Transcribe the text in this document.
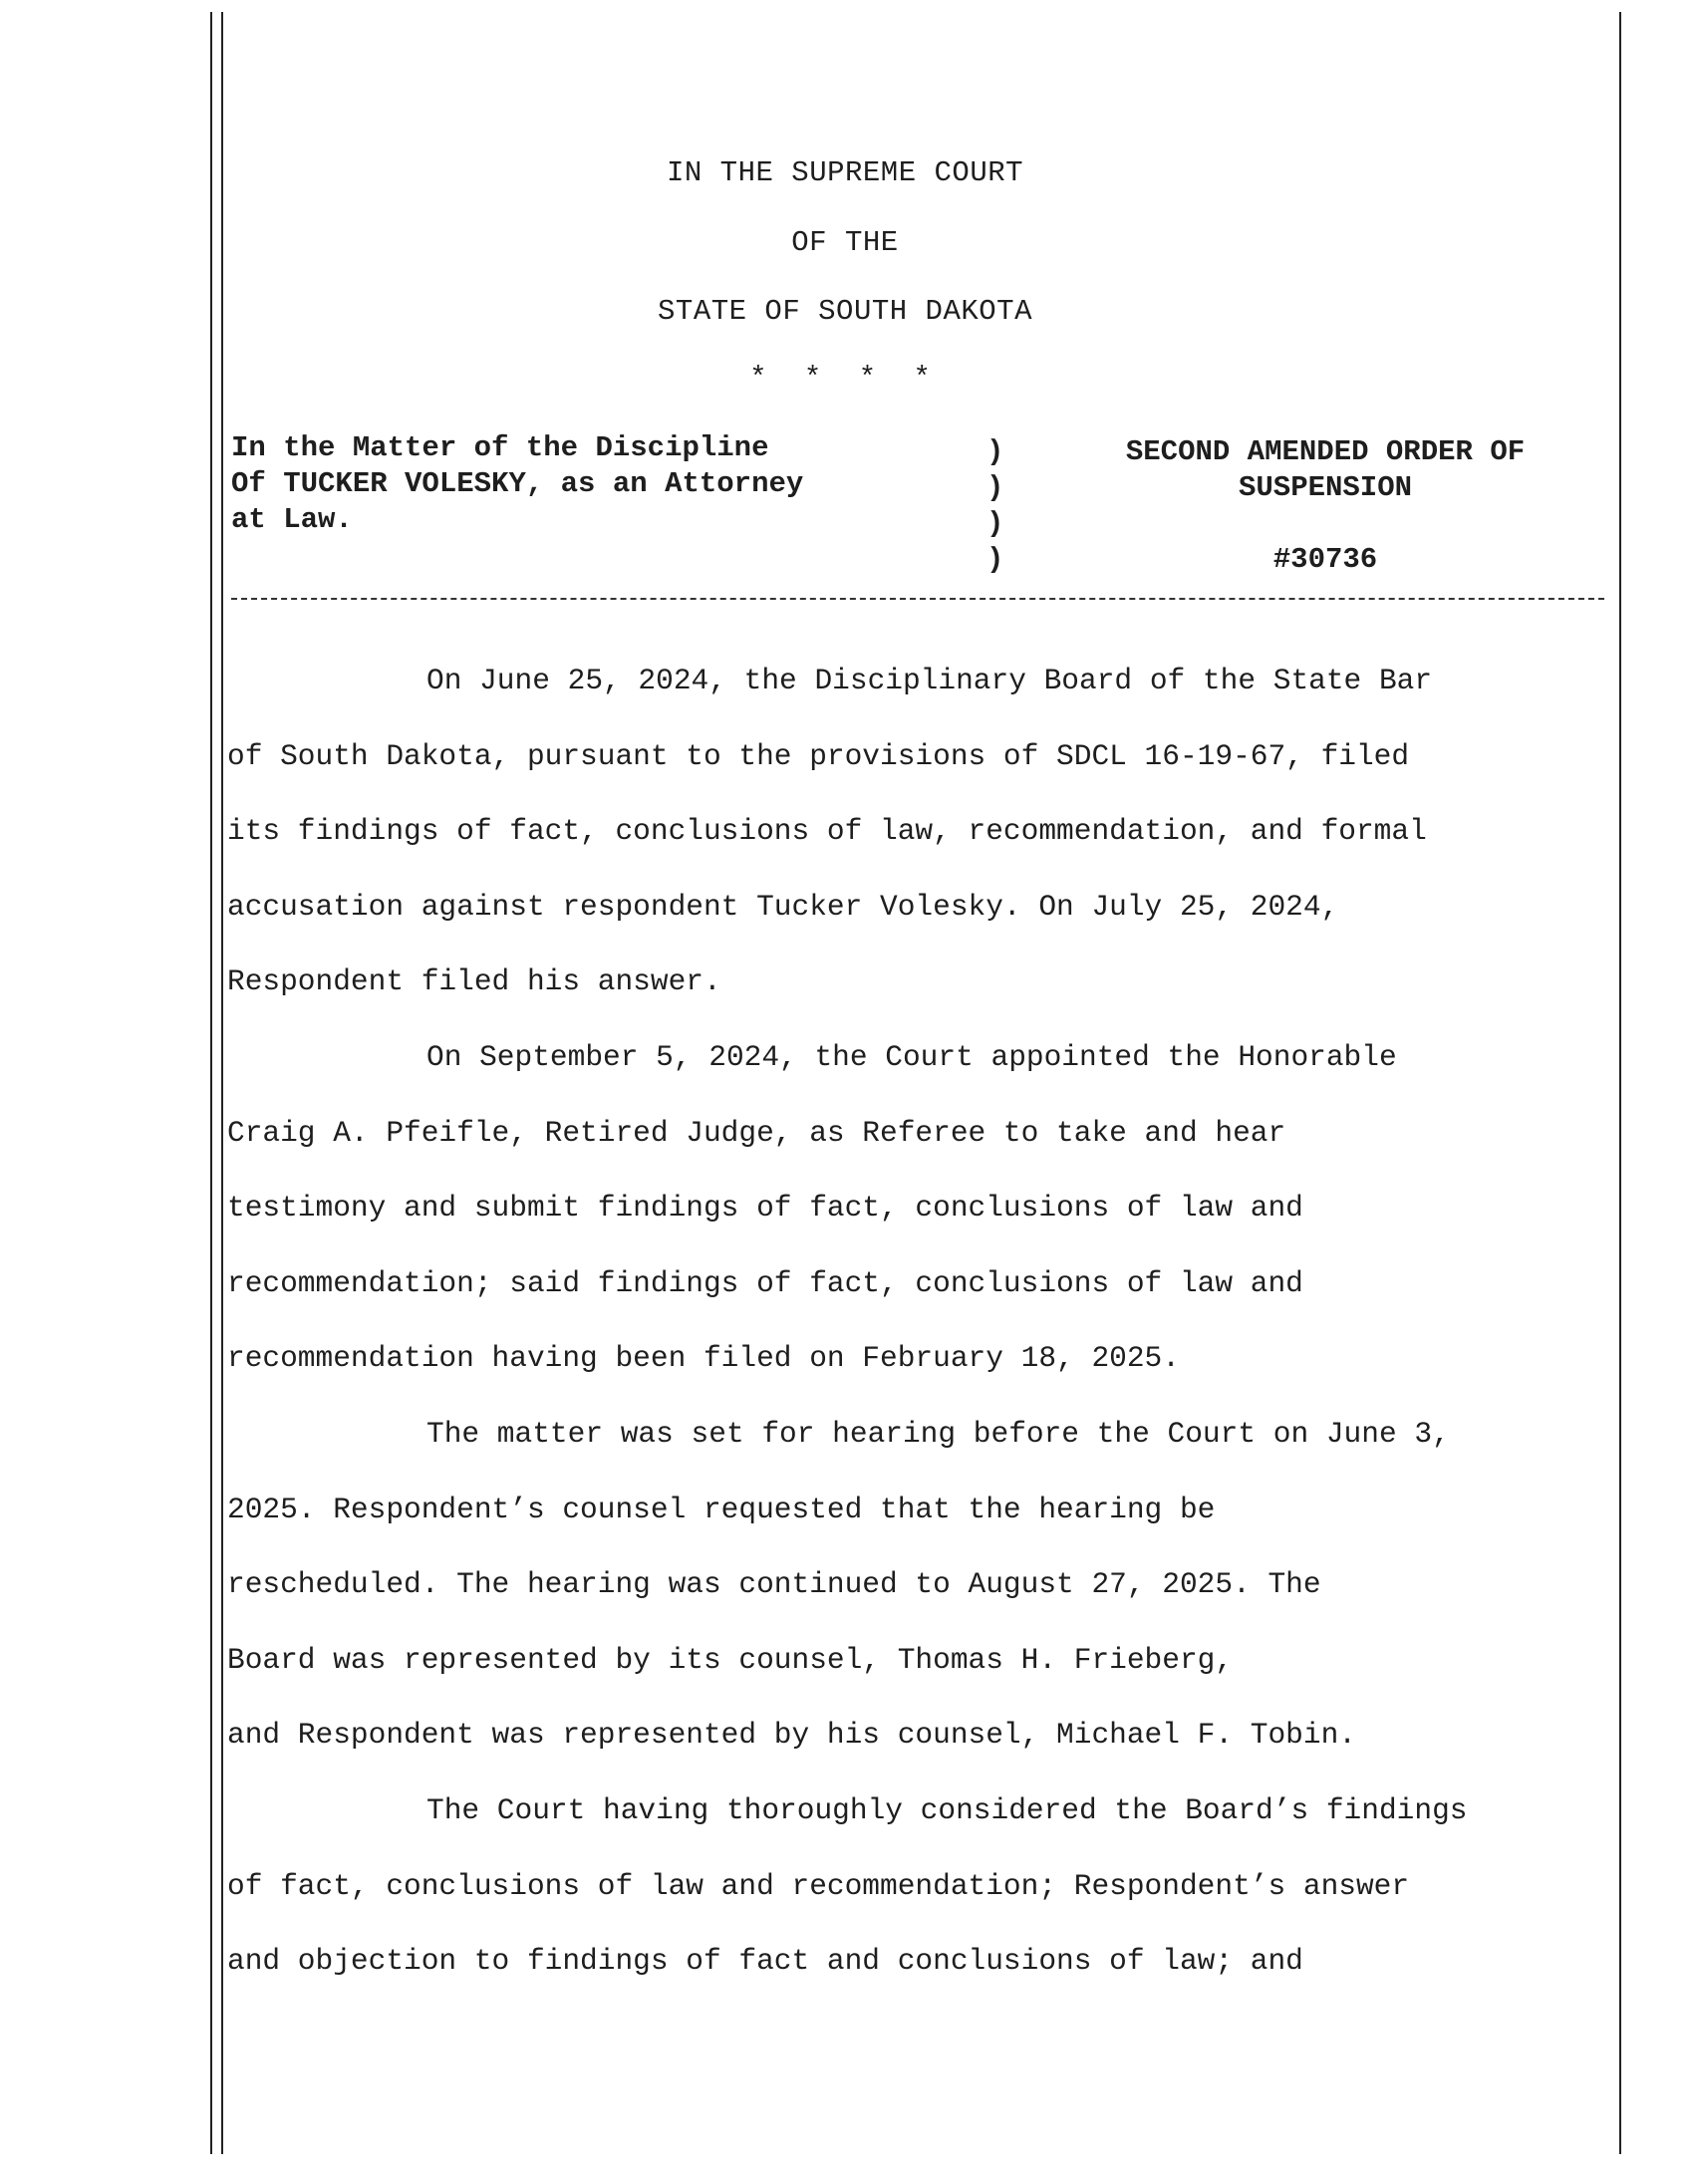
IN THE SUPREME COURT
OF THE
STATE OF SOUTH DAKOTA
* * * *
In the Matter of the Discipline
Of TUCKER VOLESKY, as an Attorney
at Law.
)
)
)
)
SECOND AMENDED ORDER OF
SUSPENSION
#30736
On June 25, 2024, the Disciplinary Board of the State Bar
of South Dakota, pursuant to the provisions of SDCL 16-19-67, filed
its findings of fact, conclusions of law, recommendation, and formal
accusation against respondent Tucker Volesky. On July 25, 2024,
Respondent filed his answer.
On September 5, 2024, the Court appointed the Honorable
Craig A. Pfeifle, Retired Judge, as Referee to take and hear
testimony and submit findings of fact, conclusions of law and
recommendation; said findings of fact, conclusions of law and
recommendation having been filed on February 18, 2025.
The matter was set for hearing before the Court on June 3,
2025. Respondent’s counsel requested that the hearing be
rescheduled. The hearing was continued to August 27, 2025. The
Board was represented by its counsel, Thomas H. Frieberg,
and Respondent was represented by his counsel, Michael F. Tobin.
The Court having thoroughly considered the Board’s findings
of fact, conclusions of law and recommendation; Respondent’s answer
and objection to findings of fact and conclusions of law; and
